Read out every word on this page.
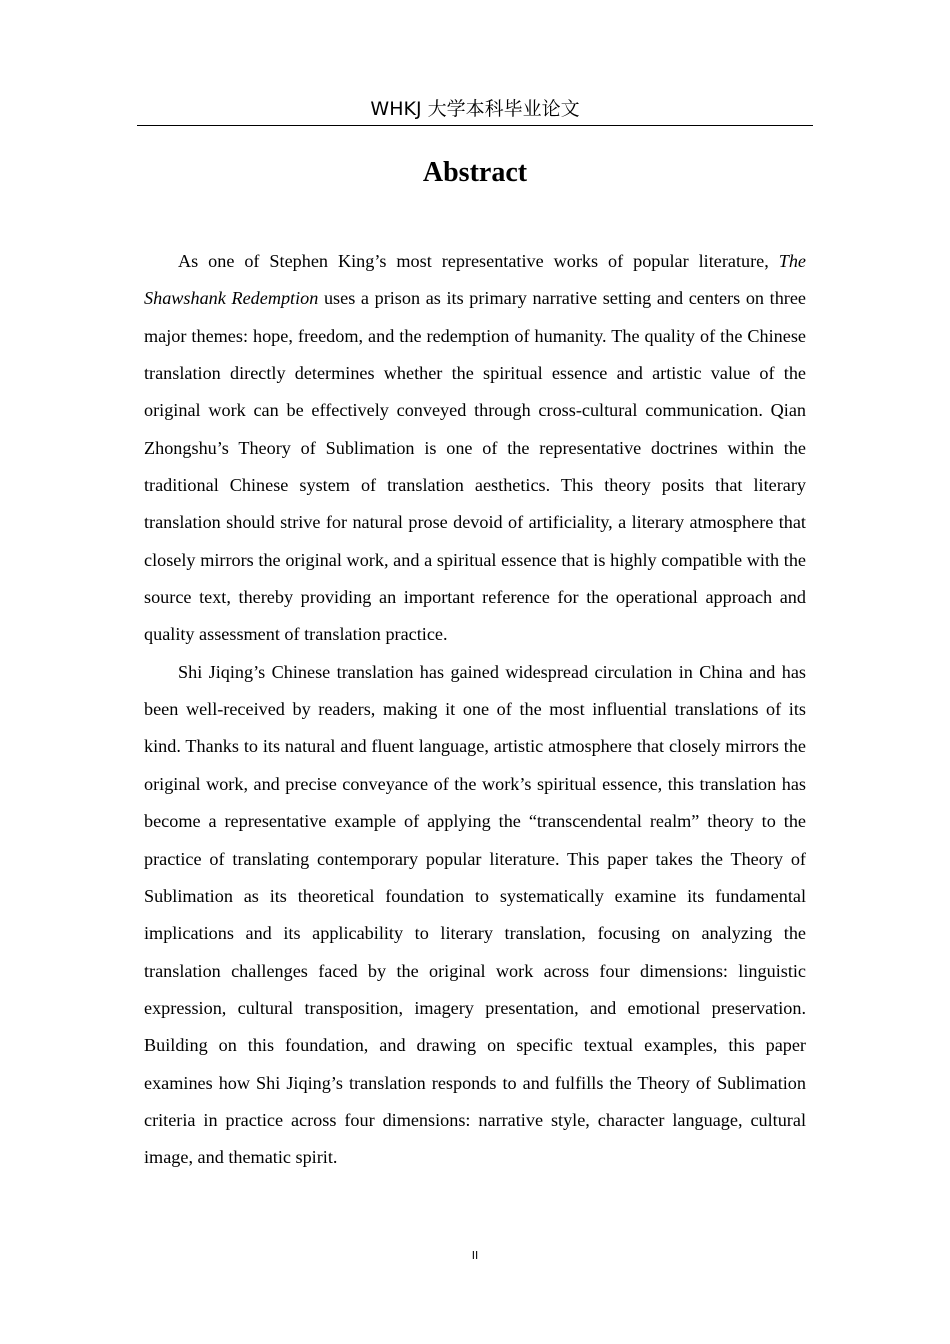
WHKJ 大学本科毕业论文
Abstract

As one of Stephen King’s most representative works of popular literature, The Shawshank Redemption uses a prison as its primary narrative setting and centers on three major themes: hope, freedom, and the redemption of humanity. The quality of the Chinese translation directly determines whether the spiritual essence and artistic value of the original work can be effectively conveyed through cross-cultural communication. Qian Zhongshu’s Theory of Sublimation is one of the representative doctrines within the traditional Chinese system of translation aesthetics. This theory posits that literary translation should strive for natural prose devoid of artificiality, a literary atmosphere that closely mirrors the original work, and a spiritual essence that is highly compatible with the source text, thereby providing an important reference for the operational approach and quality assessment of translation practice.

Shi Jiqing’s Chinese translation has gained widespread circulation in China and has been well-received by readers, making it one of the most influential translations of its kind. Thanks to its natural and fluent language, artistic atmosphere that closely mirrors the original work, and precise conveyance of the work’s spiritual essence, this translation has become a representative example of applying the “transcendental realm” theory to the practice of translating contemporary popular literature. This paper takes the Theory of Sublimation as its theoretical foundation to systematically examine its fundamental implications and its applicability to literary translation, focusing on analyzing the translation challenges faced by the original work across four dimensions: linguistic expression, cultural transposition, imagery presentation, and emotional preservation. Building on this foundation, and drawing on specific textual examples, this paper examines how Shi Jiqing’s translation responds to and fulfills the Theory of Sublimation criteria in practice across four dimensions: narrative style, character language, cultural image, and thematic spirit.

II
